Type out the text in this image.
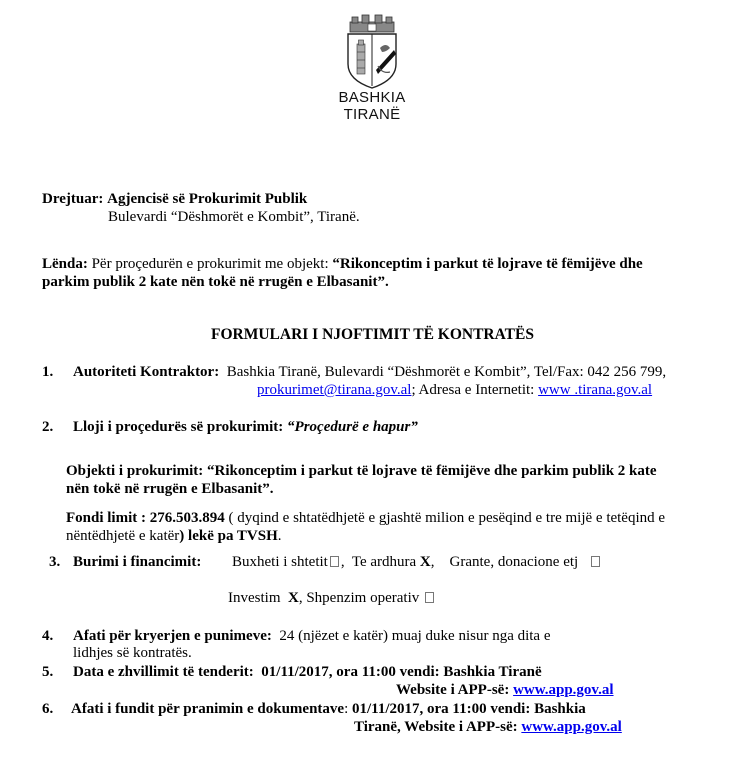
BASHKIA
TIRANË
Drejtuar: Agjencisë së Prokurimit Publik
Bulevardi “Dëshmorët e Kombit”, Tiranë.
Lënda: Për proçedurën e prokurimit me objekt: “Rikonceptim i parkut të lojrave të fëmijëve dhe
parkim publik 2 kate nën tokë në rrugën e Elbasanit”.
FORMULARI I NJOFTIMIT TË KONTRATËS
1. Autoriteti Kontraktor: Bashkia Tiranë, Bulevardi “Dëshmorët e Kombit”, Tel/Fax: 042 256 799,
prokurimet@tirana.gov.al; Adresa e Internetit: www .tirana.gov.al
2. Lloji i proçedurës së prokurimit: “Proçedurë e hapur”
Objekti i prokurimit: “Rikonceptim i parkut të lojrave të fëmijëve dhe parkim publik 2 kate
nën tokë në rrugën e Elbasanit”.
Fondi limit : 276.503.894 ( dyqind e shtatëdhjetë e gjashtë milion e pesëqind e tre mijë e tetëqind e
nëntëdhjetë e katër) lekë pa TVSH.
3. Burimi i financimit: Buxheti i shtetit , Te ardhura X, Grante, donacione etj
Investim X, Shpenzim operativ
4. Afati për kryerjen e punimeve: 24 (njëzet e katër) muaj duke nisur nga dita e
lidhjes së kontratës.
5. Data e zhvillimit të tenderit: 01/11/2017, ora 11:00 vendi: Bashkia Tiranë
Website i APP-së: www.app.gov.al
6. Afati i fundit për pranimin e dokumentave: 01/11/2017, ora 11:00 vendi: Bashkia
Tiranë, Website i APP-së: www.app.gov.al
